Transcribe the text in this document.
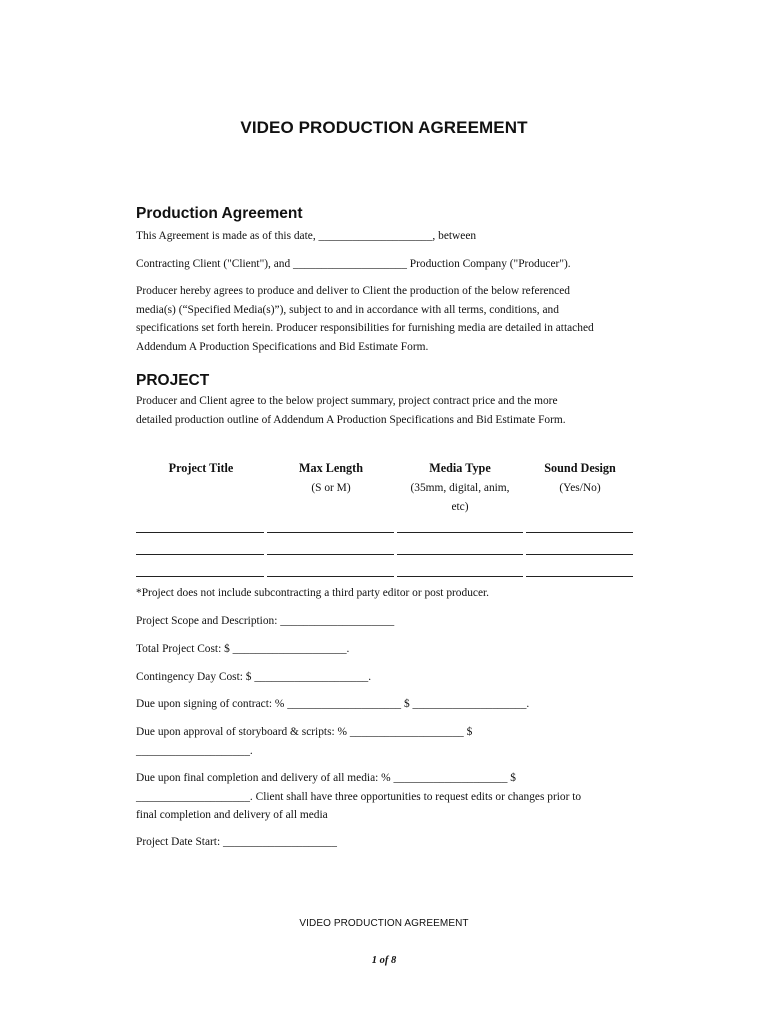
VIDEO PRODUCTION AGREEMENT
Production Agreement
This Agreement is made as of this date, ____________________, between
Contracting Client ("Client"), and ____________________ Production Company ("Producer").
Producer hereby agrees to produce and deliver to Client the production of the below referenced
media(s) (“Specified Media(s)”), subject to and in accordance with all terms, conditions, and
specifications set forth herein. Producer responsibilities for furnishing media are detailed in attached
Addendum A Production Specifications and Bid Estimate Form.
PROJECT
Producer and Client agree to the below project summary, project contract price and the more
detailed production outline of Addendum A Production Specifications and Bid Estimate Form.
Project Title	Max Length
(S or M)
Media Type
(35mm, digital, anim,
etc)
Sound Design
(Yes/No)
*Project does not include subcontracting a third party editor or post producer.
Project Scope and Description: ____________________
Total Project Cost: $ ____________________.
Contingency Day Cost: $ ____________________.
Due upon signing of contract: % ____________________ $ ____________________.
Due upon approval of storyboard & scripts: % ____________________ $
____________________.
Due upon final completion and delivery of all media: % ____________________ $
____________________. Client shall have three opportunities to request edits or changes prior to
final completion and delivery of all media
Project Date Start: ____________________
VIDEO PRODUCTION AGREEMENT
1 of 8
